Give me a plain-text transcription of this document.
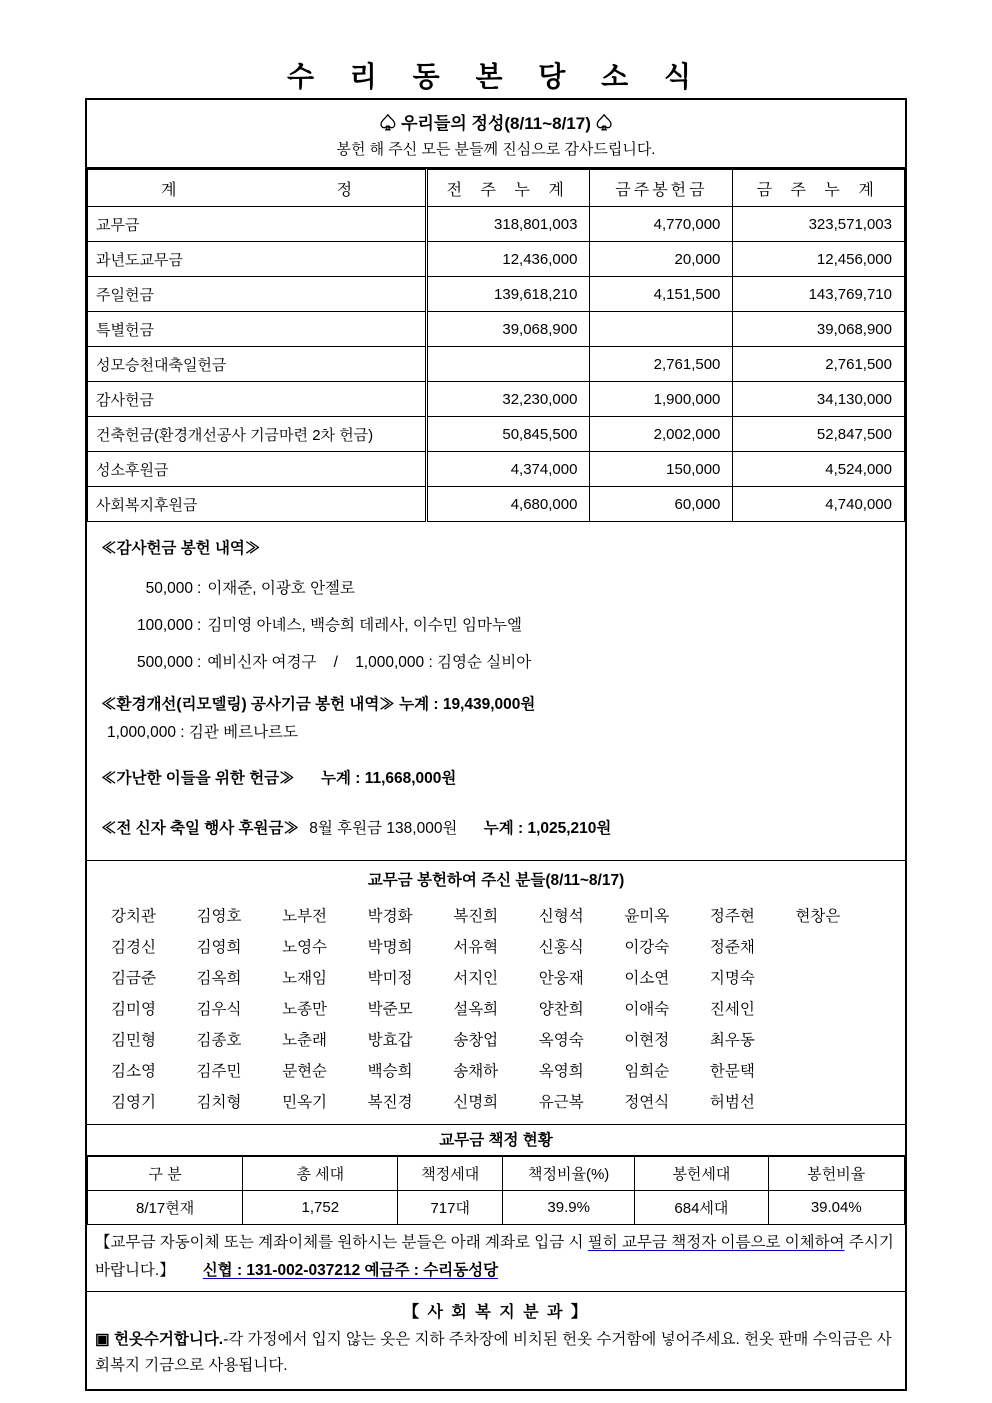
수 리 동 본 당 소 식
♤ 우리들의 정성(8/11~8/17) ♤
봉헌 해 주신 모든 분들께 진심으로 감사드립니다.
계 정	전 주 누 계	금주봉헌금	금 주 누 계
교무금	318,801,003	4,770,000	323,571,003
과년도교무금	12,436,000	20,000	12,456,000
주일헌금	139,618,210	4,151,500	143,769,710
특별헌금	39,068,900		39,068,900
성모승천대축일헌금		2,761,500	2,761,500
감사헌금	32,230,000	1,900,000	34,130,000
건축헌금(환경개선공사 기금마련 2차 헌금)	50,845,500	2,002,000	52,847,500
성소후원금	4,374,000	150,000	4,524,000
사회복지후원금	4,680,000	60,000	4,740,000
≪감사헌금 봉헌 내역≫
50,000 : 이재준, 이광호 안젤로
100,000 : 김미영 아녜스, 백승희 데레사, 이수민 임마누엘
500,000 : 예비신자 여경구    /    1,000,000 : 김영순 실비아
≪환경개선(리모델링) 공사기금 봉헌 내역≫ 누계 : 19,439,000원
1,000,000 : 김관 베르나르도
≪가난한 이들을 위한 헌금≫ 누계 : 11,668,000원
≪전 신자 축일 행사 후원금≫ 8월 후원금 138,000원 누계 : 1,025,210원
교무금 봉헌하여 주신 분들(8/11~8/17)
강치관	김영호	노부전	박경화	복진희	신형석	윤미옥	정주현	현창은
김경신	김영희	노영수	박명희	서유혁	신홍식	이강숙	정준채
김금준	김옥희	노재임	박미정	서지인	안웅재	이소연	지명숙
김미영	김우식	노종만	박준모	설옥희	양찬희	이애숙	진세인
김민형	김종호	노춘래	방효갑	송창업	옥영숙	이현정	최우동
김소영	김주민	문현순	백승희	송채하	옥영희	임희순	한문택
김영기	김치형	민옥기	복진경	신명희	유근복	정연식	허범선
교무금 책정 현황
구 분	총 세대	책정세대	책정비율(%)	봉헌세대	봉헌비율
8/17현재	1,752	717대	39.9%	684세대	39.04%
【교무금 자동이체 또는 계좌이체를 원하시는 분들은 아래 계좌로 입금 시 필히 교무금 책정자 이름으로 이체하여 주시기 바랍니다.】 신협 : 131-002-037212 예금주 : 수리동성당
【 사 회 복 지 분 과 】
▣ 헌옷수거합니다.-각 가정에서 입지 않는 옷은 지하 주차장에 비치된 헌옷 수거함에 넣어주세요. 헌옷 판매 수익금은 사회복지 기금으로 사용됩니다.
